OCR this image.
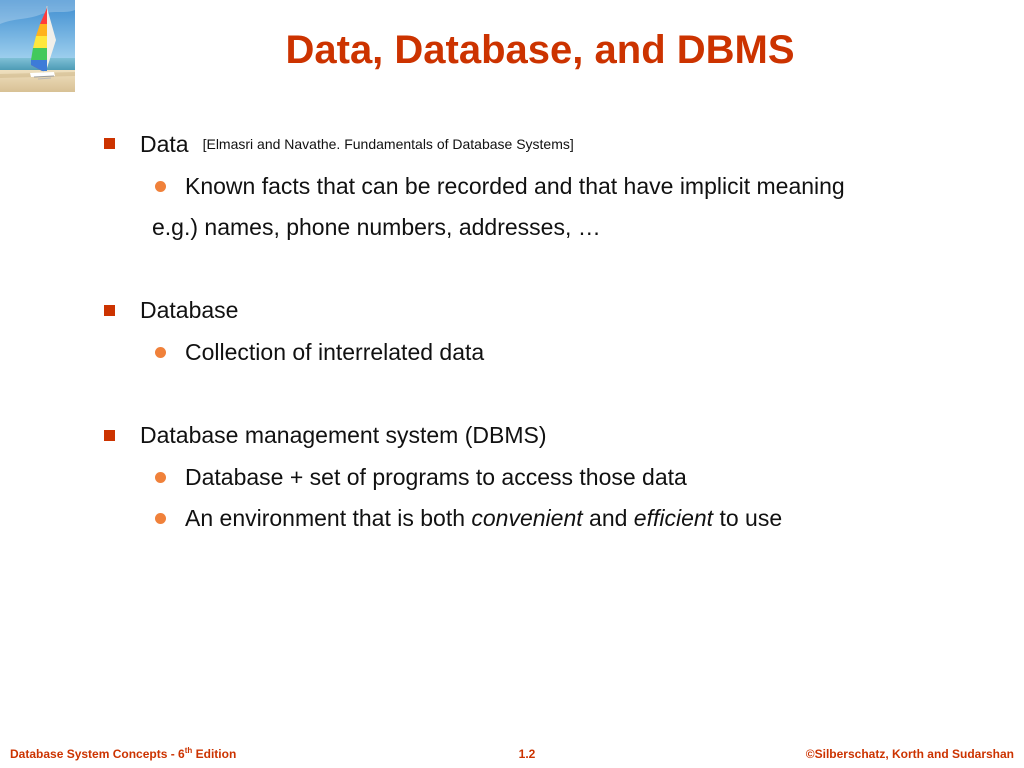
Data, Database, and DBMS
Data [Elmasri and Navathe. Fundamentals of Database Systems]
Known facts that can be recorded and that have implicit meaning
e.g.) names, phone numbers, addresses, …
Database
Collection of interrelated data
Database management system (DBMS)
Database + set of programs to access those data
An environment that is both convenient and efficient to use
Database System Concepts - 6th Edition	1.2	©Silberschatz, Korth and Sudarshan
